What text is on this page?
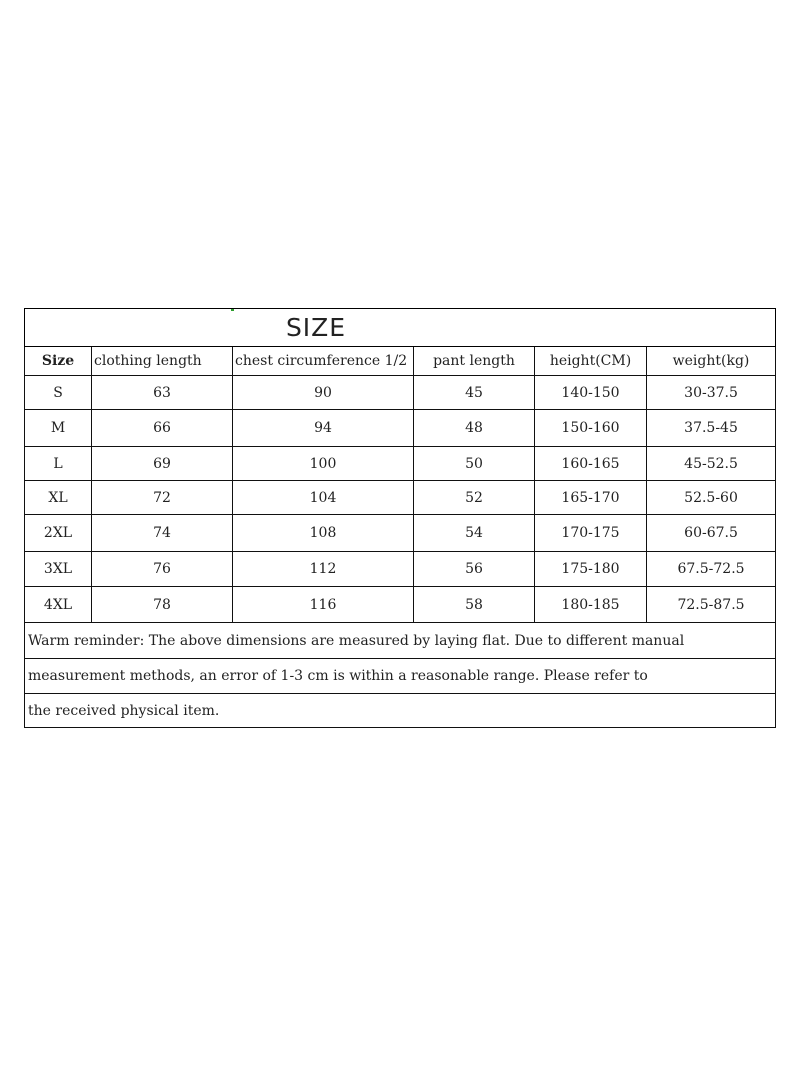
SIZE					
Size	clothing length	chest circumference 1/2	pant length	height(CM)	weight(kg)
S	63	90	45	140-150	30-37.5
M	66	94	48	150-160	37.5-45
L	69	100	50	160-165	45-52.5
XL	72	104	52	165-170	52.5-60
2XL	74	108	54	170-175	60-67.5
3XL	76	112	56	175-180	67.5-72.5
4XL	78	116	58	180-185	72.5-87.5
Warm reminder: The above dimensions are measured by laying flat. Due to different manual					
measurement methods, an error of 1-3 cm is within a reasonable range. Please refer to					
the received physical item.					
